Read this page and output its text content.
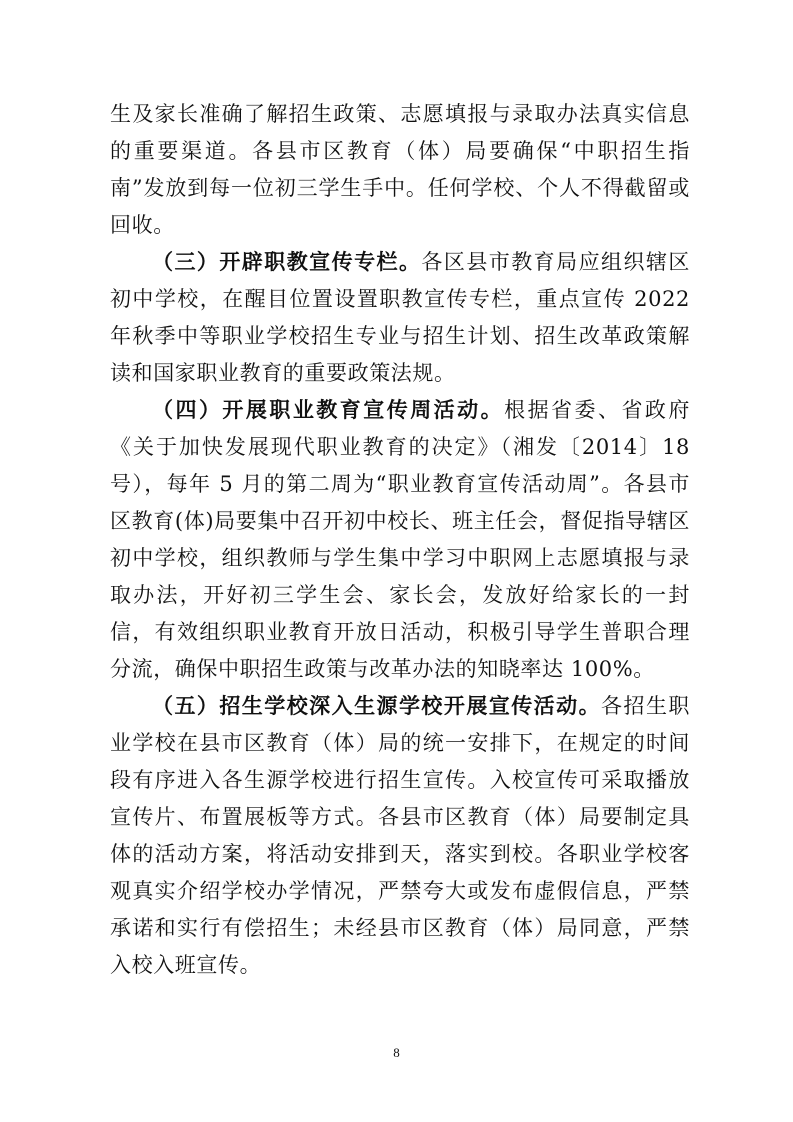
生及家长准确了解招生政策、志愿填报与录取办法真实信息的重要渠道。各县市区教育（体）局要确保“中职招生指南”发放到每一位初三学生手中。任何学校、个人不得截留或回收。

（三）开辟职教宣传专栏。各区县市教育局应组织辖区初中学校，在醒目位置设置职教宣传专栏，重点宣传 2022 年秋季中等职业学校招生专业与招生计划、招生改革政策解读和国家职业教育的重要政策法规。

（四）开展职业教育宣传周活动。根据省委、省政府《关于加快发展现代职业教育的决定》（湘发〔2014〕18 号），每年 5 月的第二周为“职业教育宣传活动周”。各县市区教育(体)局要集中召开初中校长、班主任会，督促指导辖区初中学校，组织教师与学生集中学习中职网上志愿填报与录取办法，开好初三学生会、家长会，发放好给家长的一封信，有效组织职业教育开放日活动，积极引导学生普职合理分流，确保中职招生政策与改革办法的知晓率达 100%。

（五）招生学校深入生源学校开展宣传活动。各招生职业学校在县市区教育（体）局的统一安排下，在规定的时间段有序进入各生源学校进行招生宣传。入校宣传可采取播放宣传片、布置展板等方式。各县市区教育（体）局要制定具体的活动方案，将活动安排到天，落实到校。各职业学校客观真实介绍学校办学情况，严禁夸大或发布虚假信息，严禁承诺和实行有偿招生；未经县市区教育（体）局同意，严禁入校入班宣传。

8
